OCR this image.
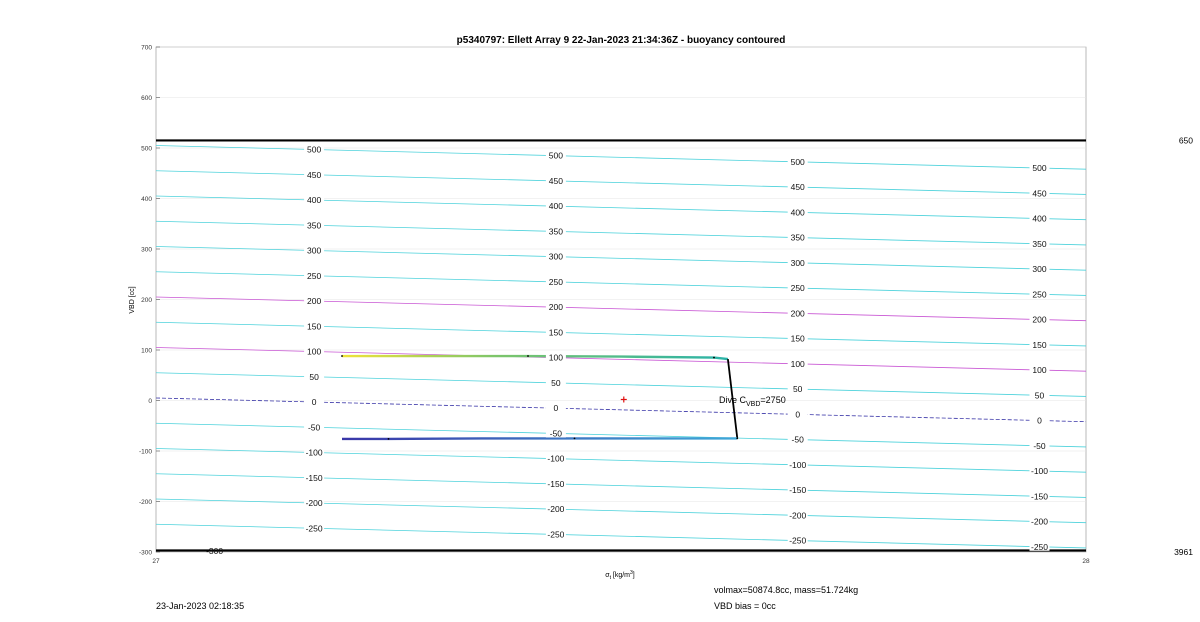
p5340797: Ellett Array 9 22-Jan-2023 21:34:36Z - buoyancy contoured
500
500
500
500
450
450
450
450
400
400
400
400
350
350
350
350
300
300
300
300
250
250
250
250
200
200
200
200
150
150
150
150
100
100
100
100
50
50
50
50
0
0
0
0
-50
-50
-50
-50
-100
-100
-100
-100
-150
-150
-150
-150
-200
-200
-200
-200
-250
-250
-250
-250
-300
700
600
500
400
300
200
100
0
-100
-200
-300
27	28
650
3961
VBD [cc]
$\sigma_t$ $[kg/m^3]$
Dive $C_{VBD}=2750$
23-Jan-2023 02:18:35
volmax=50874.8cc, mass=51.724kg
VBD bias = 0cc
